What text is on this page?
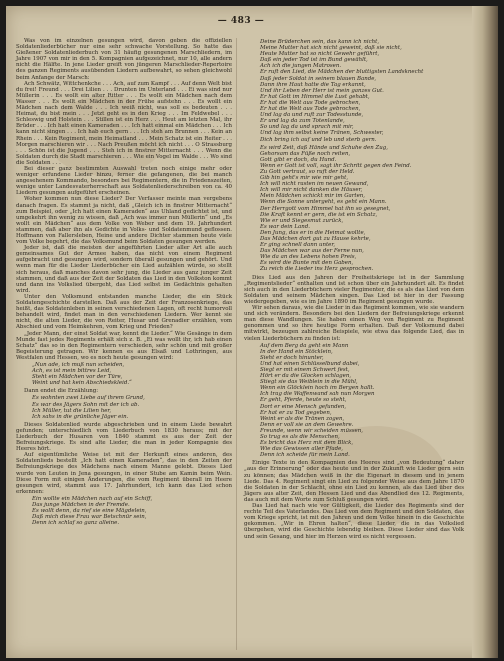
— 483 —

Was von im einzelnen gesungen wird, davon geben die offiziellen Soldatenliederbücher nur eine sehr schwache Vorstellung. So hatte das Gießener Soldatenliederbuch von 31 häufig gesungenen Marschliedern, im Jahre 1907 von mir in den 5. Kompagnien aufgezeichnet, nur 10, alle andern nicht die Hälfte. In jene Lieder greift von jüngeren Marschlieder-Repertoire des ganzen Regiments ausübenden Liedern aufbewahrt, so sehen gleichwohl beim Anfange der Marsch:

Ach Schwätz, Wittchenkche . . . Ach, auf zum Kampf . . . Auf denn Welt bist du frei! Freund . . . Drei Lilien . . . Drunten im Unterland . . . Ei was sind nur Müllerin . . . Es wollt ein alter Ritter . . . Es wollt ein Mädchen nach dem Wasser . . . Es wollt ein Mädchen in der Frühe aufstehn . . . Es wollt ein Mädchen nach dem Walde . . . Ich weiß nicht, was soll es bedeuten . . . Heimat, du bist mein . . . Jetzt geht es in den Krieg . . . Im Feldwebel . . . Schleswig und Holstein . . . Stillen ist ein Herz . . . Heut am letzten Mal, ihr Brüder . . . Ich hatt einen Kameraden . . . Ich hatt einmal ein Mädchen . . . Ich kann nicht singen . . . Ich hab euch gern . . . Ich steh am Brunnen . . . Kein an Rhein . . . Kein Regiment, mein Heimatland . . . Mein Schatz ist ein Reiter . . . Morgen marschieren wir . . . Nach Preußen möcht ich nicht . . . O Strassburg . . . Schön ist die Jugend . . . Steh ich in finstrer Mitternacht . . . Wenn die Soldaten durch die Stadt marschieren . . . Wie ein Vogel im Walde . . . Wo sind die Soldaten . . .

Bei dieser ganz bestimmten Auswahl treten noch einige mehr oder weniger erfundene Lieder hinzu, ferner die gefangenen, die bei manch angesehenem Kommando, besonders bei Regimentern, die in Friedenszeiten, wenige unter Landesvaterherrschaft aus Soldatenliederschreiben von ca. 40 Liedern gesungen aufgeführt erscheinen.

Woher kommen nun diese Lieder? Der Verfasser meinte man vergebens danach fragen. Es stammt ja nicht, daß „Gleich ich in finstrer Mitternacht“ zum Beispiel, oder „Ich hatt einen Kameraden“ aus Uhland gedichtet ist, und umgekehrt ihn wenig zu wissen, daß „Ach was immer nun Müllerin“ und „Es wollt ein Mädchen“ aus dem Volke von Weber und dem 19. Jahrhundert stammen, daß aber ihn als Gedichte in Volks- und Soldatenmund geflossen. Hoffmann von Fallersleben, Heine und andere Dichter stammen heute viele vom Volke begehrt, die das Volksmund beim Soldaten gesungen werden.

Jeder ist, daß die meisten der angeführten Lieder aller Art alle auch gemeinsames Gut der Armee haben, das nicht von einem Regiment aufgebracht und gesungen wird, sondern überall gesungen und gehört. Und wenn man für die Lieder Liederbücher ein Lied aufzählen würde, so stellt sich heraus, daß manches davon sehr jung, die Lieder aus ganz junger Zeit stammen, und daß aus der Zeit der Soldaten das Lied in den Volkston kommt und dann ins Volkslied übergeht, das Lied selbst im Gedächtnis gehalten wird.

Unter den Volksmund entstanden manche Lieder, die ein Stück Soldatengeschichte darstellen. Daß aus der Zeit der Franzosenkriege, das heißt, das Soldatenleben in seinen verschiedenen Lagen, oft recht humorvoll behandelt wird, findet man in den verschiedenen Liedern. Wer kennt sie nicht, die alten Lieder, die von Reiter, Husar und Grenadier erzählen, vom Abschied und vom Heimkehren, vom Krieg und Frieden?

„Jeder Mann, der einst Soldat war, kennt die Lieder.“ Wie Gesänge in dem Munde fast jedes Regiments erhält sich z. B. „Ei was wollt ihr, ich hab einen Schatz“ das so in den Regimentern verschieden, sehr schön und mit großer Begeisterung getragen. Wir kennen es aus Elsaß und Lothringen, aus Westfalen und Hessen, wo es noch heute gesungen wird:

„Nun ade, ich muß nun scheiden,
Ach, es ist mein bittres Leid,
Steht ein Mädchen vor der Türe,
Weint und hat kein Abschiedskleid.“

Dann endet die Erzählung:

Es wohnten zwei Liebe auf ihrem Grund,
Es war des Jägers Sohn mit der ich ab.
Ich Müller, tut die Lilien her,
Ich sahs in die grünliche Jäger ein.

Dieses Soldatenlied wurde abgeschrieben und in einem Liede bewahrt gefunden; unterschiedlich vom Liederbuch von 1830 heraus; mit der Liederbuch der Husaren von 1840 stammt es aus der Zeit der Befreiungskriege. Es sind alte Lieder, die man in jeder Kompagnie des Heeres hört.

Auf eigentümliche Weise ist mit der Herkunft eines anderen, des Soldatenlieds bestellt „Ich hatt einen Kameraden“, das in den Zeiten der Befreiungskriege des Mädchens nach einem Manne gelebt. Dieses Lied wurde von Leuten in Jena gesungen, in einer Stube am Kamin beim Wein. Diese Form mit einigen Änderungen, die vom Regiment überall im Heere gesungen wird, stammt aus 17. Jahrhundert, ich kann das Lied schon erkennen:

Ein wollte ein Mädchen nach auf ein Schiff,
Das junge Mädchen in der Fremde.
Es wollt denn, da rief sie eine Mägdelein,
Daß mich diese Frau war Betschnür sein,
Denn ich schlaf so ganz alleine.
Deine Brüderchen sein, das kann ich nicht,
Meine Mutter hat sich nicht geweint, daß sie nicht,
Heute Mutter hat so nicht Gewehr geführt,
Daß ein jeder Tod ist im Bund gewählt,
Ach ich die jungen Matrosen.
Er ruft den Lied, die Mädchen der bluttigsten Landsknecht
Daß jeder Soldat in seinem blauen Bande,
Dann ihre Haut hatte die Tag erkannt,
Und ihr Leben der Herr ist mein ganzes Gut.
Er hat Gott im Himmel die Lust gehabt,
Er hat die Welt aus Tode gebrochen,
Er hat die Welt aus Tode gebrochen,
Und lag da und ruft zur Todesstunde,
Er und lag da zum Totenlande,
So und lag da und sprach mit mir,
Und lag ihm selbst keine Tränen, Schwester,
Dich bring ich auf und leb und sterb gern.
Es wird Zeit, daß Hände und Schuhe den Zug,
Gehorsam das Füße noch reiten,
Gott gibt er doch, du Hund.
Wenn er Gott ist voll, sagt ihr Schritt gegen den Feind.
Zu Gott vertraut, so ruft der Held.
Gib hin geht's mir wie mir geht,
Ich will nicht rasten im neuen Gewand,
Ich will mir nicht danken die Häuser,
Mein Mädchen schickt mir im Garten,
Wenn die Sonne untergeht, es geht ein Mann.
Der Herrgott vom Himmel hat ihn so gesegnet,
Die Kraft kennt er gern, die ist ein Schatz,
Wie er und Siegesmut zurück,
Es war dein Land.
Den Jung, das er in die Heimat wollte,
Das Mädchen dort gut zu Hause kehrte,
Er ging schnell dann unter,
Das Mädchen war aus der Ferne nun,
Wie da an des Lebens hohen Preis,
Es wird die Bunte mit den Gaben,
Zu reich die Lieder ins Herz gesprochen.

Dies Lied aus den Jahren der Freiheitskriege ist in der Sammlung „Regimentslieder“ enthalten und ist schon über ein Jahrhundert alt. Es findet sich auch in den Liederbüchern vieler Regimenter, die es als das Lied von dem Soldaten und seinem Mädchen singen. Das Lied ist hier in der Fassung wiedergegeben, wie es im Jahre 1890 im Regiment gesungen wurde.

Wir sehen daraus, wie die Lieder in das Regiment kommen, wie sie wandern und sich verändern. Besonders bei den Liedern der Befreiungskriege erkennt man diese Wandlungen. Sie haben einen Weg von Regiment zu Regiment genommen und so ihre heutige Form erhalten. Daß der Volksmund dabei mitwirkt, bezeugen zahlreiche Beispiele, wie etwa das folgende Lied, das in vielen Liederbüchern zu finden ist:

Auf dem Berg da geht ein Mann
In der Hand ein Stöcklein,
Sieht er doch hinunter,
Und hat einen Schlüsselbund dabei,
Siegt er mit einem Schwert fest,
Hört er da die Glocken schlagen,
Stiegt sie das Weiblein in die Mühl,
Wenn ein Glöcklein hoch im Bergen hallt.
Ich trag die Waffenwand sah nun Morgen
Er geht, Pferde, heute so steht,
Dort er eine Mensch gefunden,
Er hat er zu Tod gegeben,
Weint er als die Tränen zogen,
Denn er voll sie an dem Gewehre.
Freunde, wenn wir scheiden müssen,
So trug es als die Menschen,
Es bricht das Herz mit dem Blick,
Wie das Gewissen aller Pfade,
Denn ich scheide für mein Land.

Einige Texte in den Kompagnien des Heeres sind „von Bedeutung“ daher „aus der Erinnerung“ oder das heute und in der Zukunft wie Lieder gern sein zu können; das Mädchen weiß in ihr die Eigenart in diesem und in jenem Liede. Das 4. Regiment singt ein Lied zu folgender Weise aus dem Jahre 1870 die Soldaten in der Schlacht, ohne ein Lied zu kennen, als das Lied über des Jägers aus alter Zeit, den Hessen Lied und das Abendlied des 12. Regiments, das auch mit dem Worte zum Schluß gesungen wird.

Das Lied hat nach wie vor Gültigkeit, die Lieder des Regiments sind der rechte Teil des Vaterlandes. Das Lied von dem Regiment und den Soldaten, das vom Kriege spricht, ist mit den Jahren und dem Volke hinein in die Geschichte gekommen. „Wir in Ehren halten“, diese Lieder, die in das Volkslied übergehen, wird die Geschichte lebendig bleiben. Diese Lieder sind das Volk und sein Gesang, und hier im Herzen wird es nicht vergessen.
